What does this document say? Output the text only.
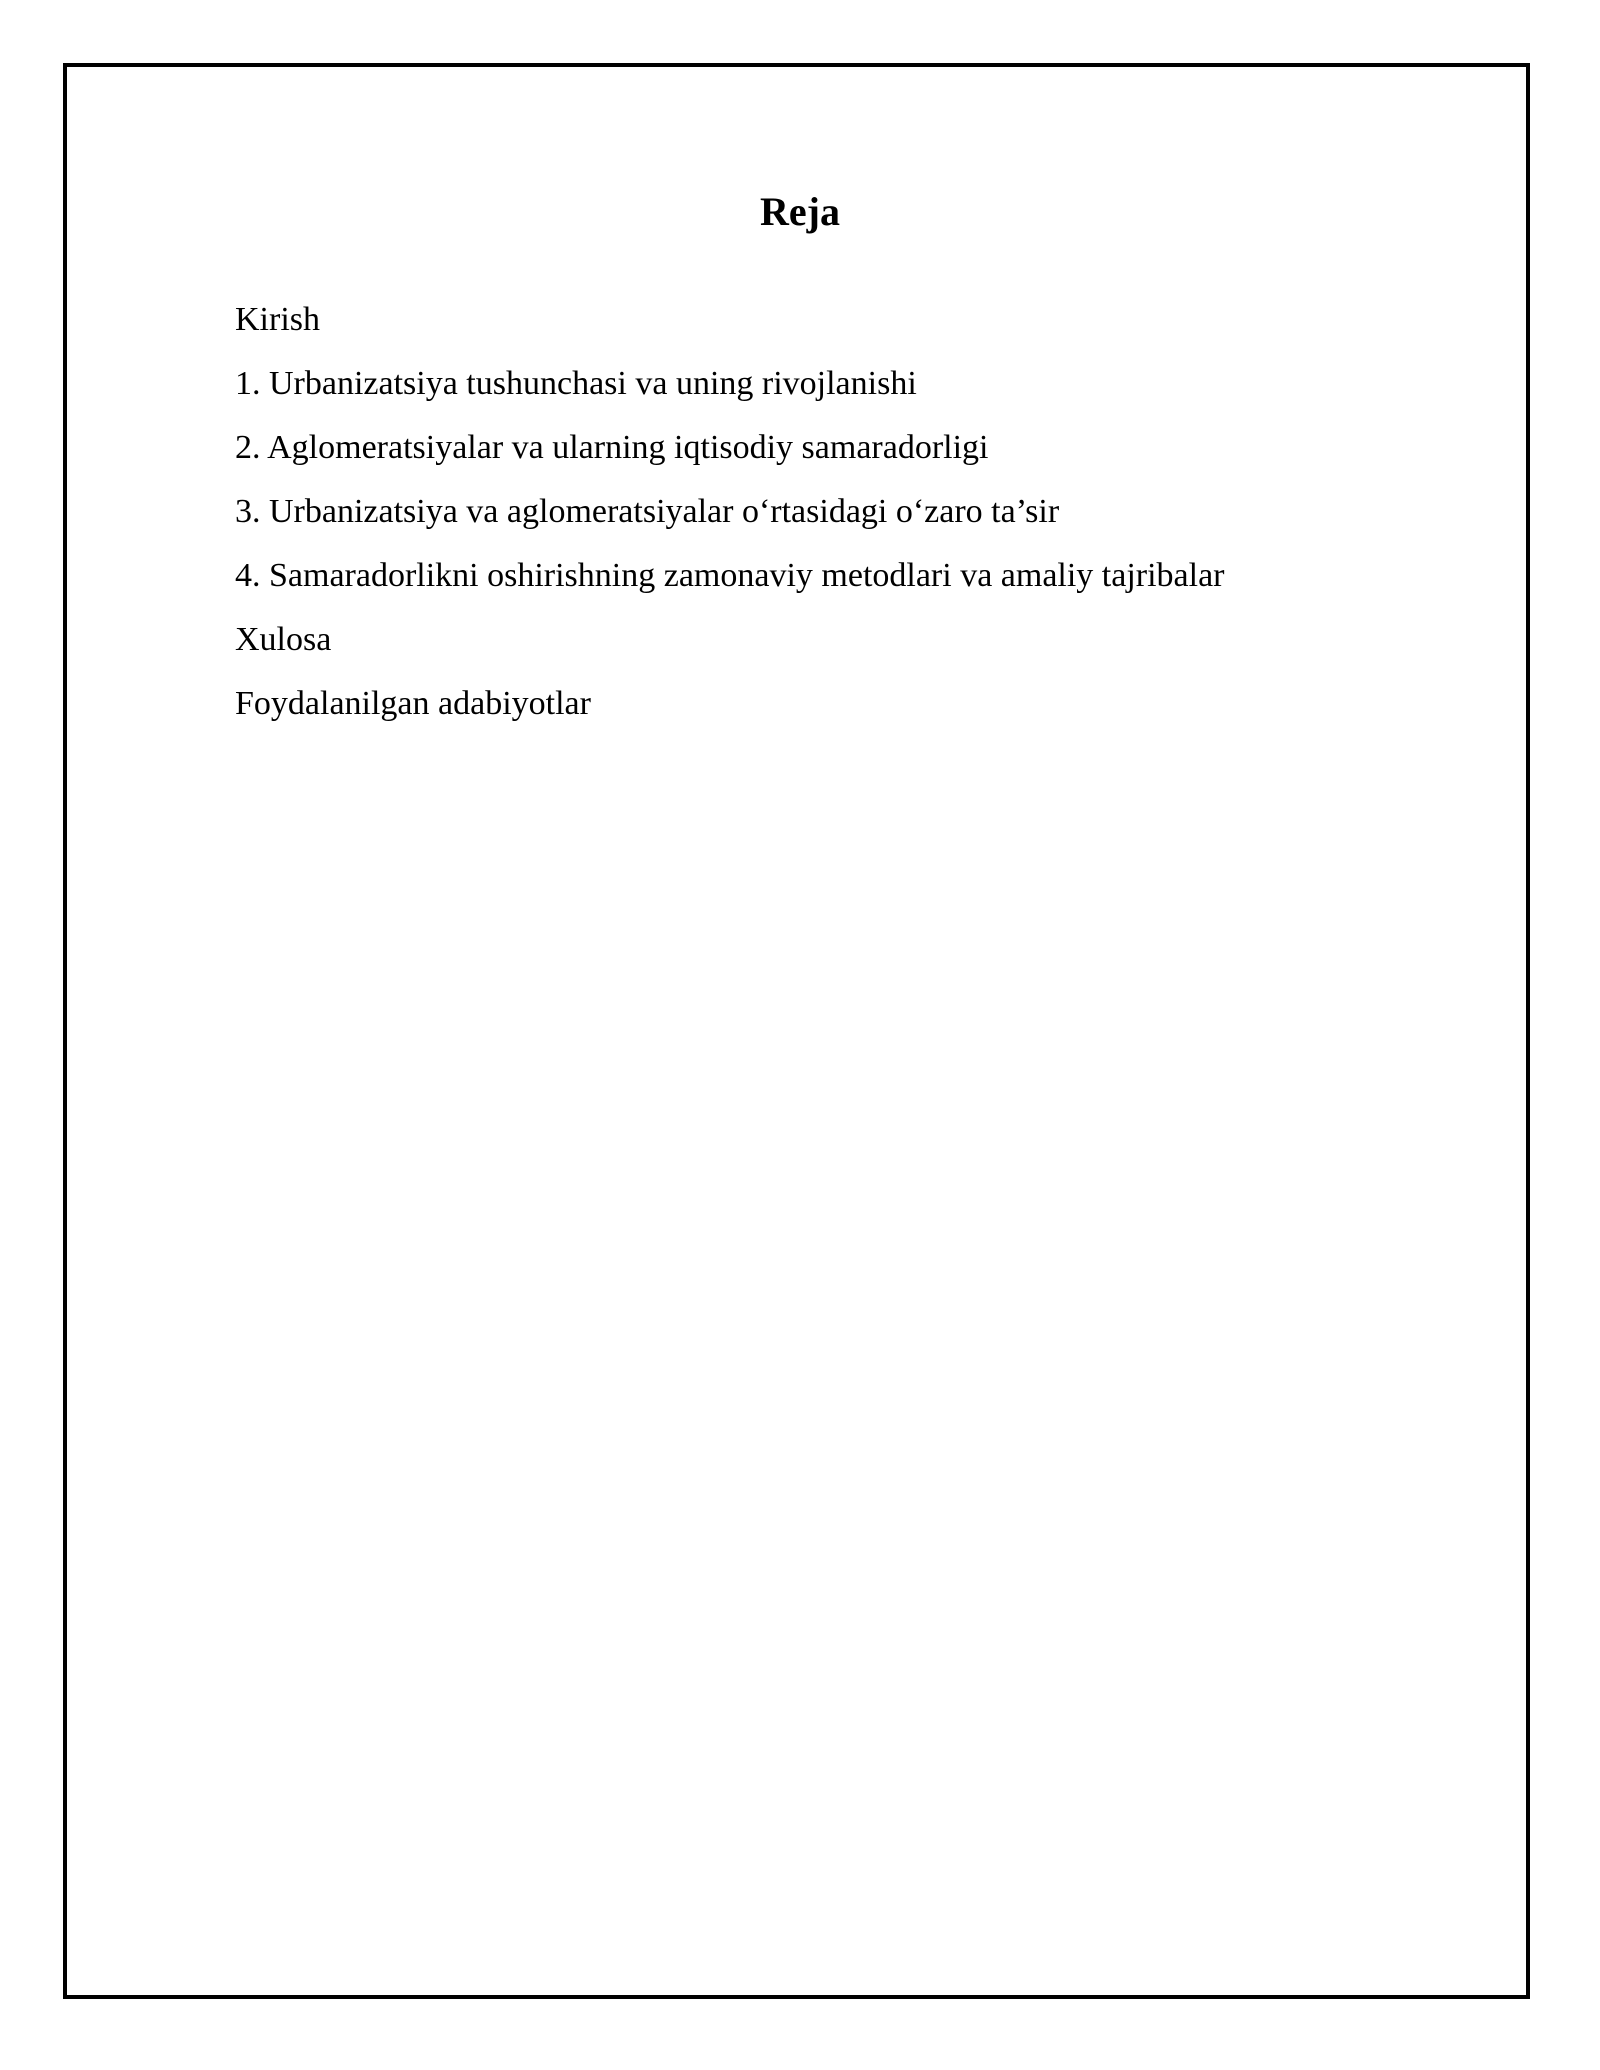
Reja
Kirish
1. Urbanizatsiya tushunchasi va uning rivojlanishi
2. Aglomeratsiyalar va ularning iqtisodiy samaradorligi
3. Urbanizatsiya va aglomeratsiyalar o‘rtasidagi o‘zaro ta’sir
4. Samaradorlikni oshirishning zamonaviy metodlari va amaliy tajribalar
Xulosa
Foydalanilgan adabiyotlar
